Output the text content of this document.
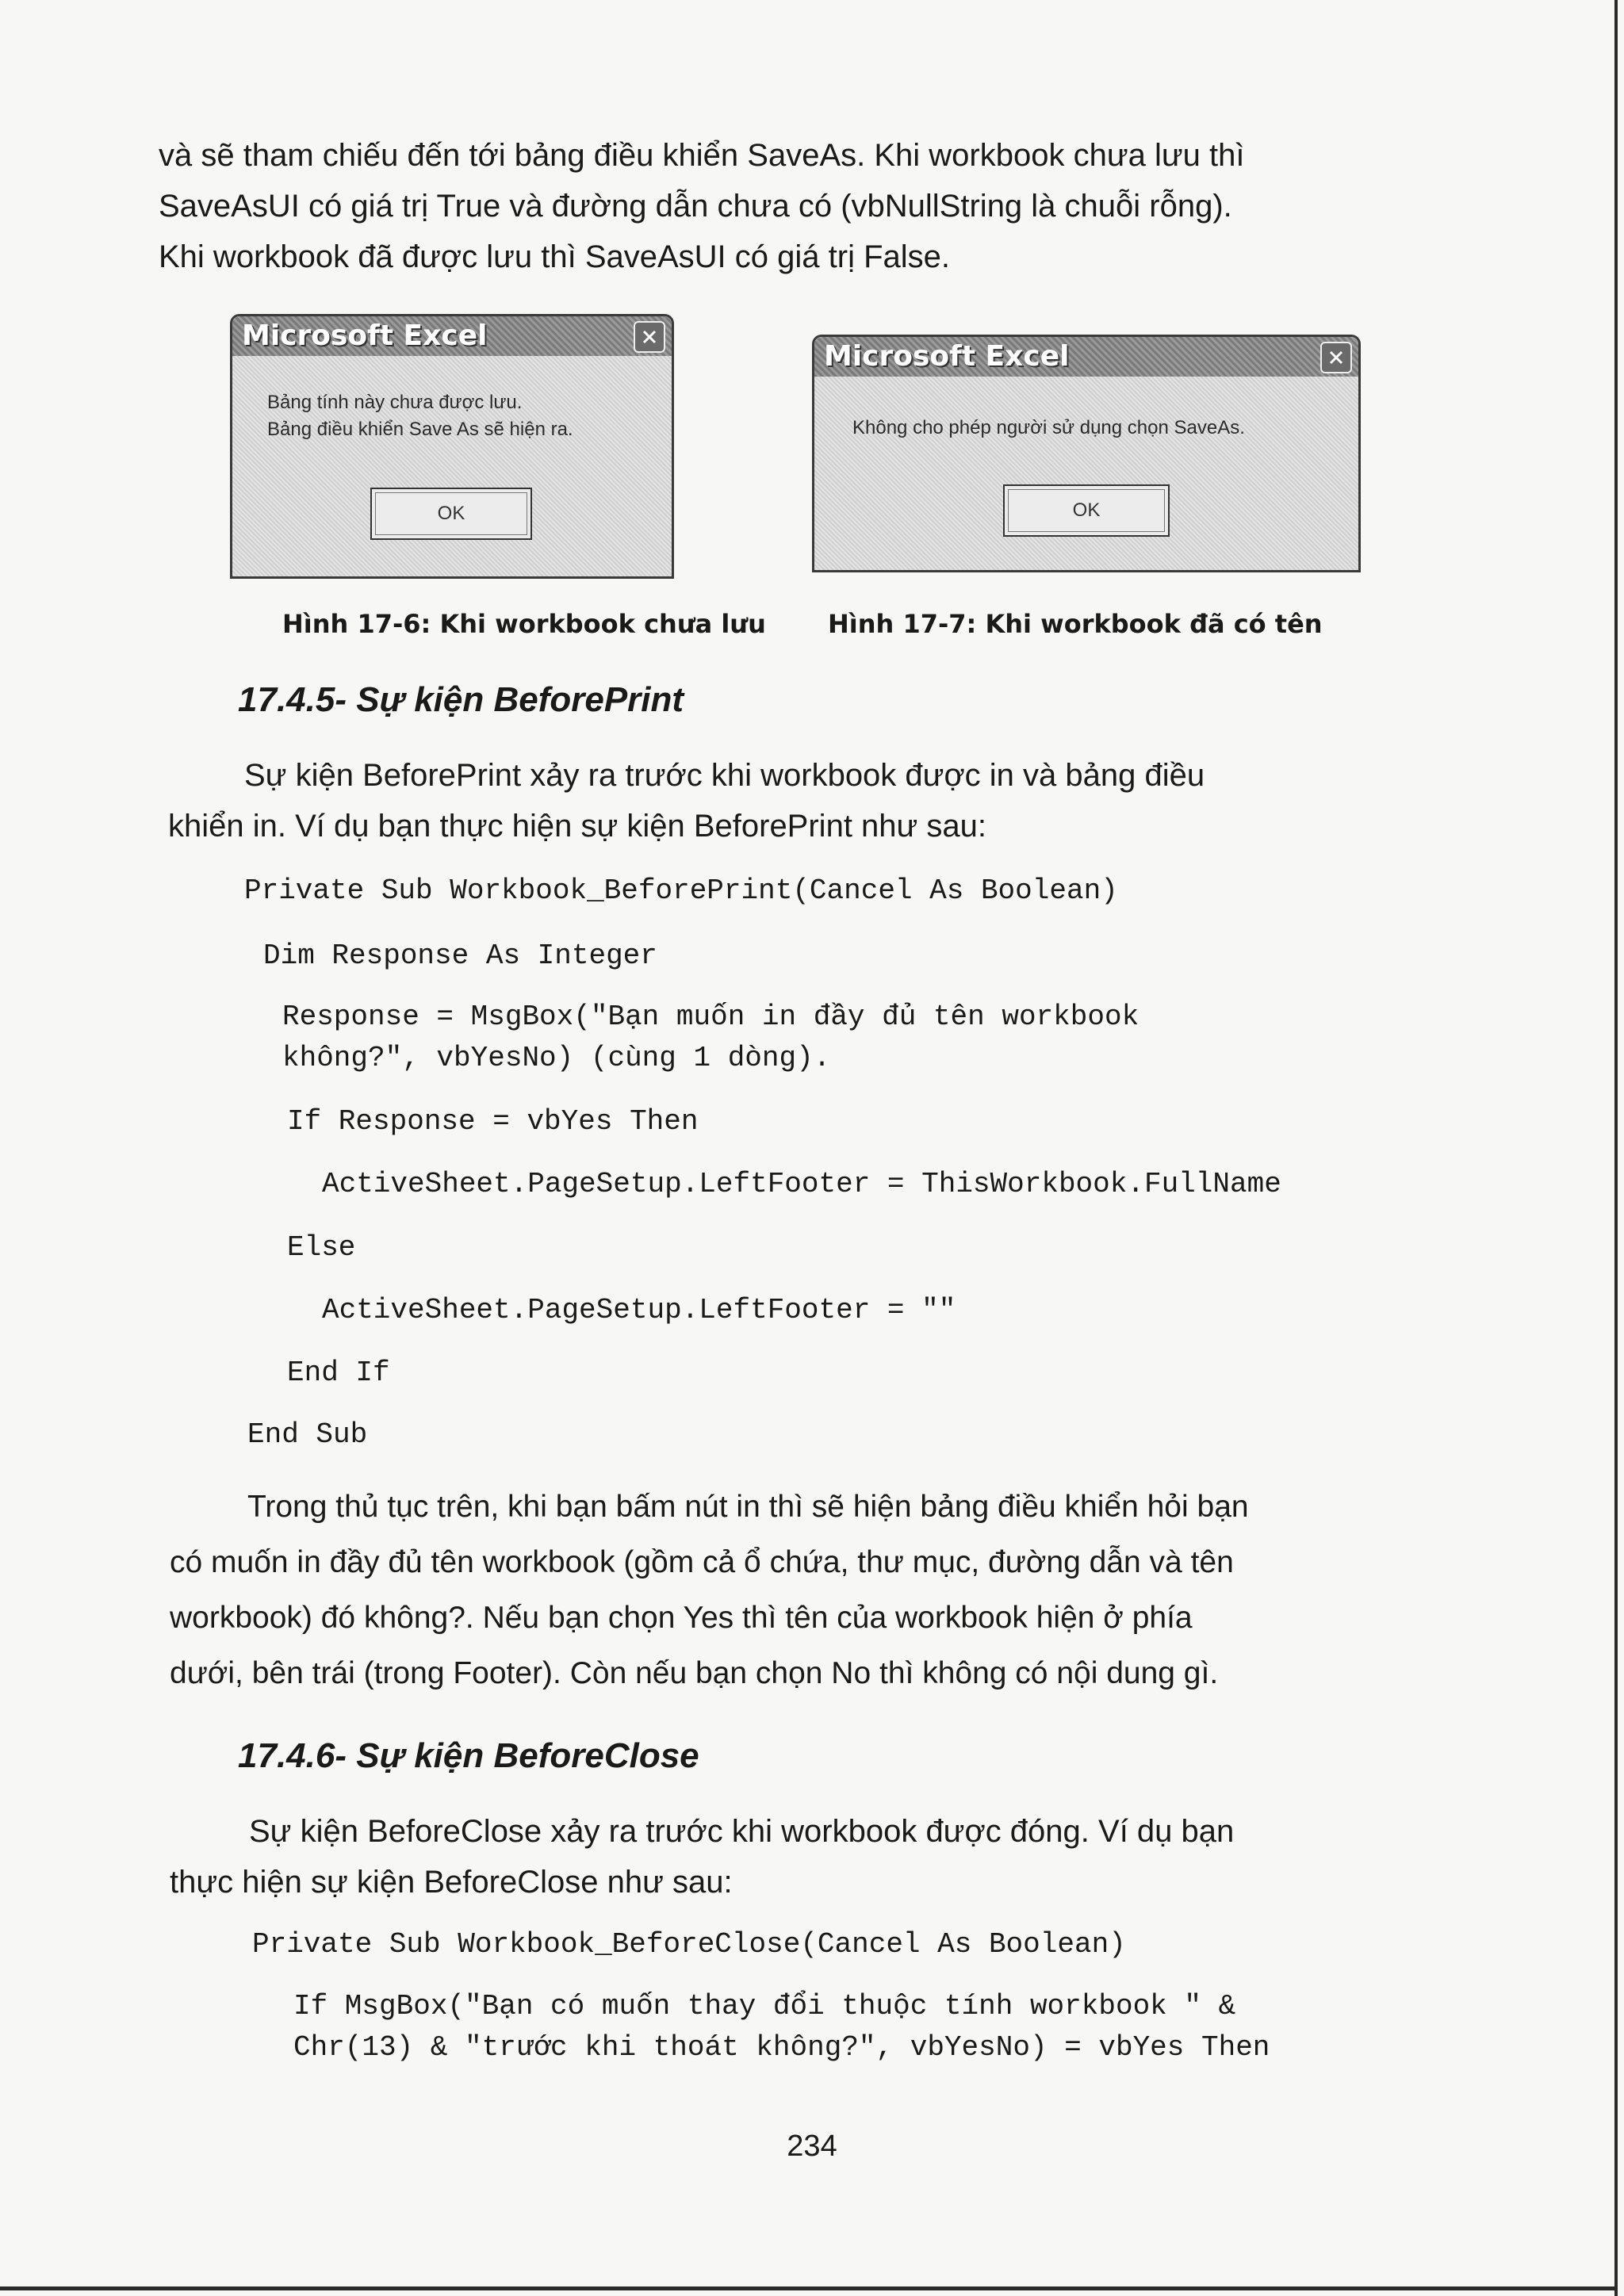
và sẽ tham chiếu đến tới bảng điều khiển SaveAs. Khi workbook chưa lưu thì
SaveAsUI có giá trị True và đường dẫn chưa có (vbNullString là chuỗi rỗng).
Khi workbook đã được lưu thì SaveAsUI có giá trị False.

Microsoft Excel

Bảng tính này chưa được lưu.
Bảng điều khiển Save As sẽ hiện ra.

OK

Microsoft Excel

Không cho phép người sử dụng chọn SaveAs.

OK

Hình 17-6: Khi workbook chưa lưu Hình 17-7: Khi workbook đã có tên

17.4.5- Sự kiện BeforePrint

Sự kiện BeforePrint xảy ra trước khi workbook được in và bảng điều
khiển in. Ví dụ bạn thực hiện sự kiện BeforePrint như sau:

Private Sub Workbook_BeforePrint(Cancel As Boolean)

Dim Response As Integer

Response = MsgBox("Bạn muốn in đầy đủ tên workbook

không?", vbYesNo) (cùng 1 dòng).

If Response = vbYes Then

ActiveSheet.PageSetup.LeftFooter = ThisWorkbook.FullName

Else

ActiveSheet.PageSetup.LeftFooter = ""

End If

End Sub

Trong thủ tục trên, khi bạn bấm nút in thì sẽ hiện bảng điều khiển hỏi bạn
có muốn in đầy đủ tên workbook (gồm cả ổ chứa, thư mục, đường dẫn và tên
workbook) đó không?. Nếu bạn chọn Yes thì tên của workbook hiện ở phía
dưới, bên trái (trong Footer). Còn nếu bạn chọn No thì không có nội dung gì.

17.4.6- Sự kiện BeforeClose

Sự kiện BeforeClose xảy ra trước khi workbook được đóng. Ví dụ bạn
thực hiện sự kiện BeforeClose như sau:

Private Sub Workbook_BeforeClose(Cancel As Boolean)

If MsgBox("Bạn có muốn thay đổi thuộc tính workbook " &

Chr(13) & "trước khi thoát không?", vbYesNo) = vbYes Then

234
